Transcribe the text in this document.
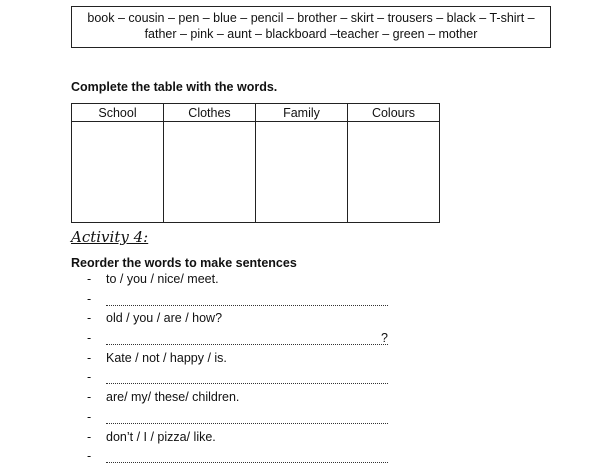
book – cousin – pen – blue – pencil – brother – skirt – trousers – black – T-shirt –
father – pink – aunt – blackboard –teacher – green – mother
Complete the table with the words.
School	Clothes	Family	Colours

Activity 4:
Reorder the words to make sentences
- to / you / nice/ meet.
-
- old / you / are / how?
-	?
- Kate / not / happy / is.
-
- are/ my/ these/ children.
-
- don’t / I / pizza/ like.
-
